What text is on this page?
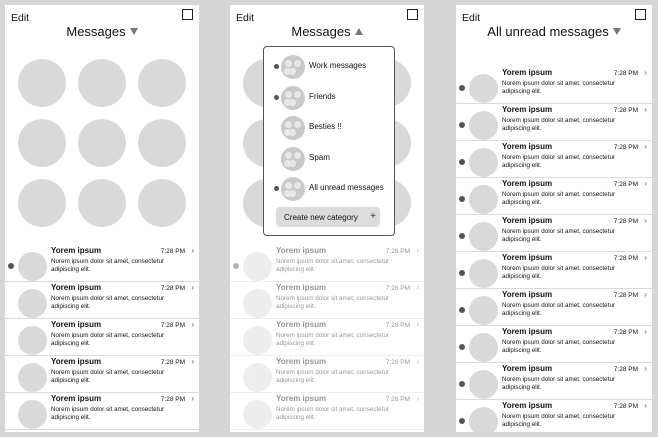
Edit
Messages
Yorem ipsum	7:28 PM ›
Norem ipsum dolor sit amet, consectetur adipiscing elit.
Yorem ipsum	7:28 PM ›
Norem ipsum dolor sit amet, consectetur adipiscing elit.
Yorem ipsum	7:28 PM ›
Norem ipsum dolor sit amet, consectetur adipiscing elit.
Yorem ipsum	7:28 PM ›
Norem ipsum dolor sit amet, consectetur adipiscing elit.
Yorem ipsum	7:28 PM ›
Norem ipsum dolor sit amet, consectetur adipiscing elit.
Edit
Messages
Yorem ipsum	7:28 PM ›
Norem ipsum dolor sit amet, consectetur adipiscing elit.
Yorem ipsum	7:28 PM ›
Norem ipsum dolor sit amet, consectetur adipiscing elit.
Yorem ipsum	7:28 PM ›
Norem ipsum dolor sit amet, consectetur adipiscing elit.
Yorem ipsum	7:28 PM ›
Norem ipsum dolor sit amet, consectetur adipiscing elit.
Yorem ipsum	7:28 PM ›
Norem ipsum dolor sit amet, consectetur adipiscing elit.
Work messages
Friends
Besties !!
Spam
All unread messages
Create new category +
Edit
All unread messages
Yorem ipsum	7:28 PM ›
Norem ipsum dolor sit amet, consectetur adipiscing elit.
Yorem ipsum	7:28 PM ›
Norem ipsum dolor sit amet, consectetur adipiscing elit.
Yorem ipsum	7:28 PM ›
Norem ipsum dolor sit amet, consectetur adipiscing elit.
Yorem ipsum	7:28 PM ›
Norem ipsum dolor sit amet, consectetur adipiscing elit.
Yorem ipsum	7:28 PM ›
Norem ipsum dolor sit amet, consectetur adipiscing elit.
Yorem ipsum	7:28 PM ›
Norem ipsum dolor sit amet, consectetur adipiscing elit.
Yorem ipsum	7:28 PM ›
Norem ipsum dolor sit amet, consectetur adipiscing elit.
Yorem ipsum	7:28 PM ›
Norem ipsum dolor sit amet, consectetur adipiscing elit.
Yorem ipsum	7:28 PM ›
Norem ipsum dolor sit amet, consectetur adipiscing elit.
Yorem ipsum	7:28 PM ›
Norem ipsum dolor sit amet, consectetur adipiscing elit.
